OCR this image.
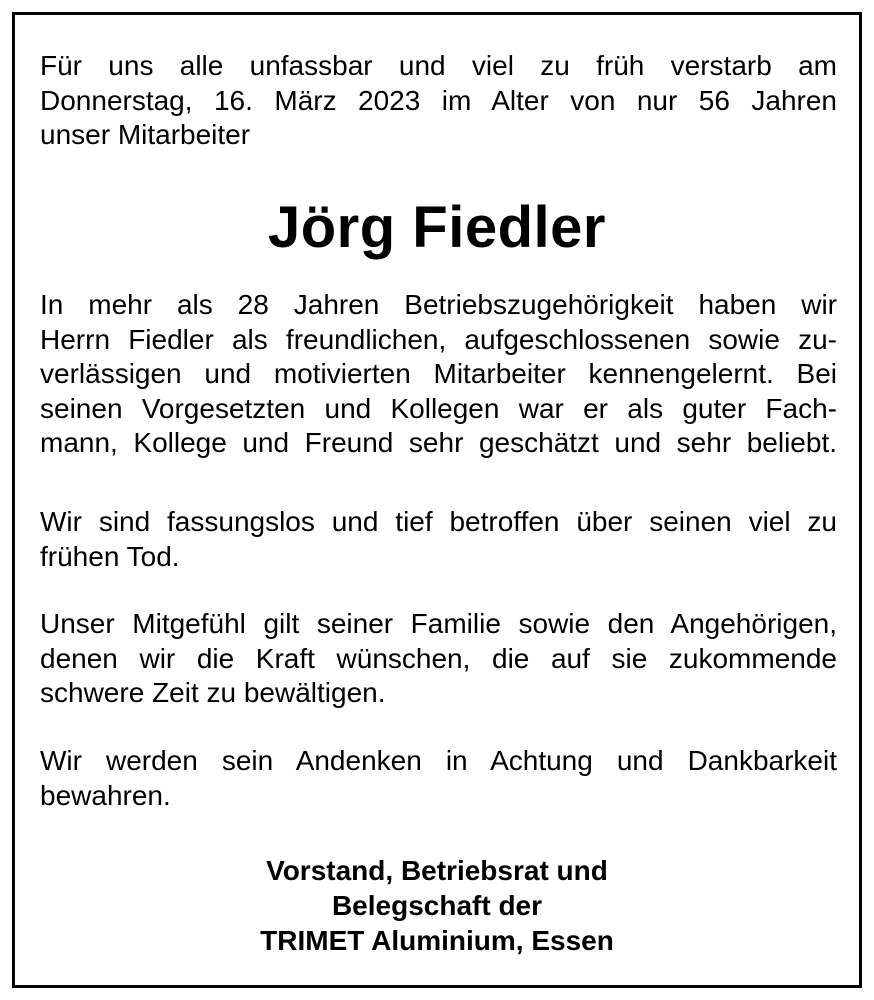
Für uns alle unfassbar und viel zu früh verstarb am
Donnerstag, 16. März 2023 im Alter von nur 56 Jahren
unser Mitarbeiter

Jörg Fiedler

In mehr als 28 Jahren Betriebszugehörigkeit haben wir
Herrn Fiedler als freundlichen, aufgeschlossenen sowie zu-
verlässigen und motivierten Mitarbeiter kennengelernt. Bei
seinen Vorgesetzten und Kollegen war er als guter Fach-
mann, Kollege und Freund sehr geschätzt und sehr beliebt.

Wir sind fassungslos und tief betroffen über seinen viel zu
frühen Tod.

Unser Mitgefühl gilt seiner Familie sowie den Angehörigen,
denen wir die Kraft wünschen, die auf sie zukommende
schwere Zeit zu bewältigen.

Wir werden sein Andenken in Achtung und Dankbarkeit
bewahren.

Vorstand, Betriebsrat und
Belegschaft der
TRIMET Aluminium, Essen
